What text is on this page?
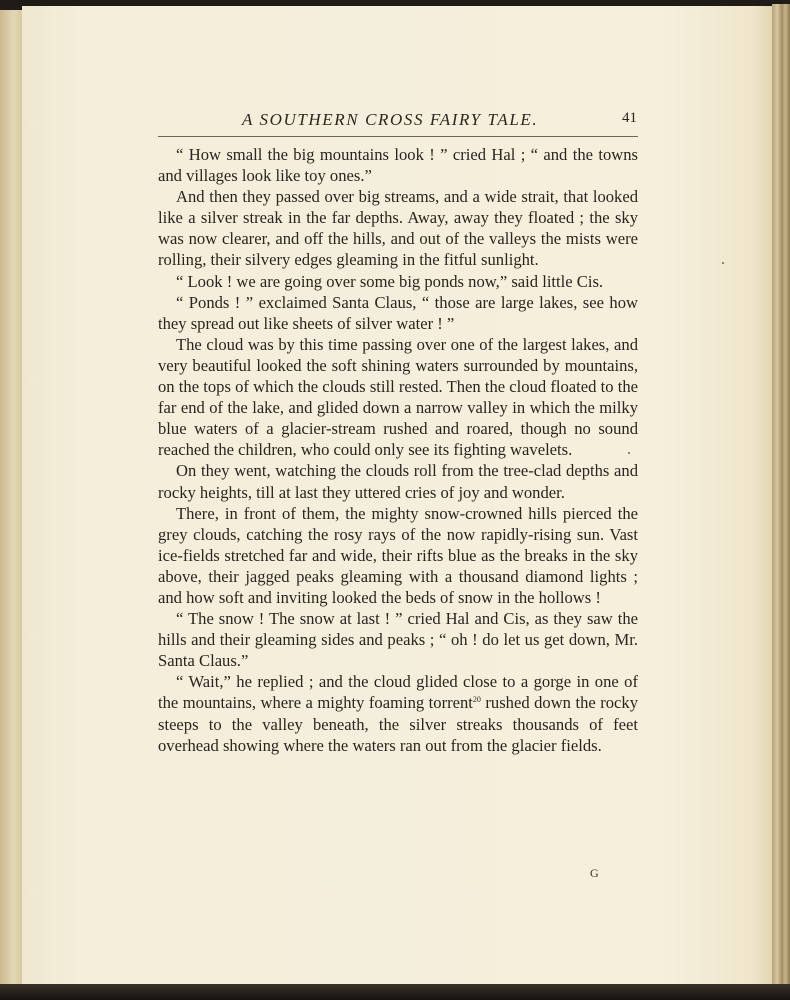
A SOUTHERN CROSS FAIRY TALE.	41

“ How small the big mountains look ! ” cried Hal ; “ and the towns and villages look like toy ones.”

And then they passed over big streams, and a wide strait, that looked like a silver streak in the far depths. Away, away they floated ; the sky was now clearer, and off the hills, and out of the valleys the mists were rolling, their silvery edges gleaming in the fitful sunlight.

“ Look ! we are going over some big ponds now,” said little Cis.

“ Ponds ! ” exclaimed Santa Claus, “ those are large lakes, see how they spread out like sheets of silver water ! ”

The cloud was by this time passing over one of the largest lakes, and very beautiful looked the soft shining waters surrounded by mountains, on the tops of which the clouds still rested. Then the cloud floated to the far end of the lake, and glided down a narrow valley in which the milky blue waters of a glacier-stream rushed and roared, though no sound reached the children, who could only see its fighting wavelets.

On they went, watching the clouds roll from the tree-clad depths and rocky heights, till at last they uttered cries of joy and wonder.

There, in front of them, the mighty snow-crowned hills pierced the grey clouds, catching the rosy rays of the now rapidly-rising sun. Vast ice-fields stretched far and wide, their rifts blue as the breaks in the sky above, their jagged peaks gleaming with a thousand diamond lights ; and how soft and inviting looked the beds of snow in the hollows !

“ The snow ! The snow at last ! ” cried Hal and Cis, as they saw the hills and their gleaming sides and peaks ; “ oh ! do let us get down, Mr. Santa Claus.”

“ Wait,” he replied ; and the cloud glided close to a gorge in one of the mountains, where a mighty foaming torrent$^{20}$ rushed down the rocky steeps to the valley beneath, the silver streaks thousands of feet overhead showing where the waters ran out from the glacier fields.

G
